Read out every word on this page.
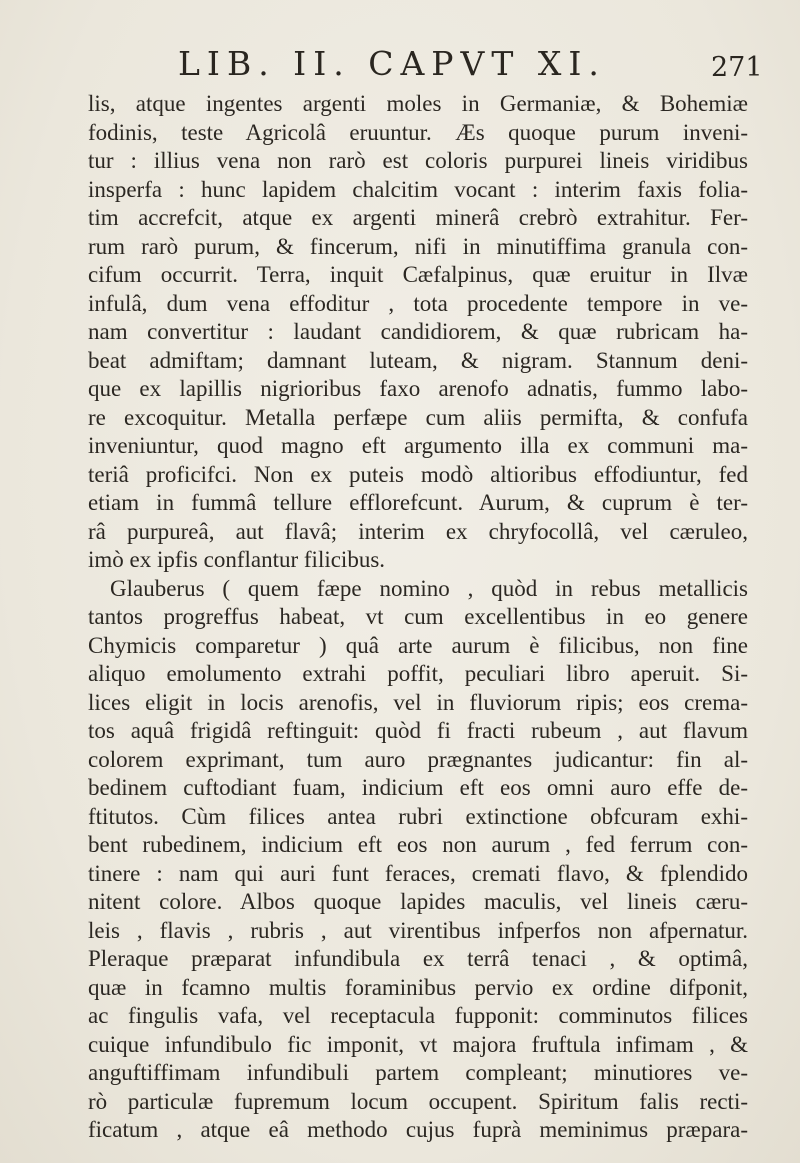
LIB. II. CAPVT XI.	271
lis, atque ingentes argenti moles in Germaniæ, & Bohemiæ
fodinis, teste Agricolâ eruuntur. Æs quoque purum inveni-
tur : illius vena non rarò est coloris purpurei lineis viridibus
insperfa : hunc lapidem chalcitim vocant : interim faxis folia-
tim accrefcit, atque ex argenti minerâ crebrò extrahitur. Fer-
rum rarò purum, & fincerum, nifi in minutiffima granula con-
cifum occurrit. Terra, inquit Cæfalpinus, quæ eruitur in Ilvæ
infulâ, dum vena effoditur , tota procedente tempore in ve-
nam convertitur : laudant candidiorem, & quæ rubricam ha-
beat admiftam; damnant luteam, & nigram. Stannum deni-
que ex lapillis nigrioribus faxo arenofo adnatis, fummo labo-
re excoquitur. Metalla perfæpe cum aliis permifta, & confufa
inveniuntur, quod magno eft argumento illa ex communi ma-
teriâ proficifci. Non ex puteis modò altioribus effodiuntur, fed
etiam in fummâ tellure efflorefcunt. Aurum, & cuprum è ter-
râ purpureâ, aut flavâ; interim ex chryfocollâ, vel cæruleo,
imò ex ipfis conflantur filicibus.
Glauberus ( quem fæpe nomino , quòd in rebus metallicis
tantos progreffus habeat, vt cum excellentibus in eo genere
Chymicis comparetur ) quâ arte aurum è filicibus, non fine
aliquo emolumento extrahi poffit, peculiari libro aperuit. Si-
lices eligit in locis arenofis, vel in fluviorum ripis; eos crema-
tos aquâ frigidâ reftinguit: quòd fi fracti rubeum , aut flavum
colorem exprimant, tum auro prægnantes judicantur: fin al-
bedinem cuftodiant fuam, indicium eft eos omni auro effe de-
ftitutos. Cùm filices antea rubri extinctione obfcuram exhi-
bent rubedinem, indicium eft eos non aurum , fed ferrum con-
tinere : nam qui auri funt feraces, cremati flavo, & fplendido
nitent colore. Albos quoque lapides maculis, vel lineis cæru-
leis , flavis , rubris , aut virentibus infperfos non afpernatur.
Pleraque præparat infundibula ex terrâ tenaci , & optimâ,
quæ in fcamno multis foraminibus pervio ex ordine difponit,
ac fingulis vafa, vel receptacula fupponit: comminutos filices
cuique infundibulo fic imponit, vt majora fruftula infimam , &
anguftiffimam infundibuli partem compleant; minutiores ve-
rò particulæ fupremum locum occupent. Spiritum falis recti-
ficatum , atque eâ methodo cujus fuprà meminimus præpara-
